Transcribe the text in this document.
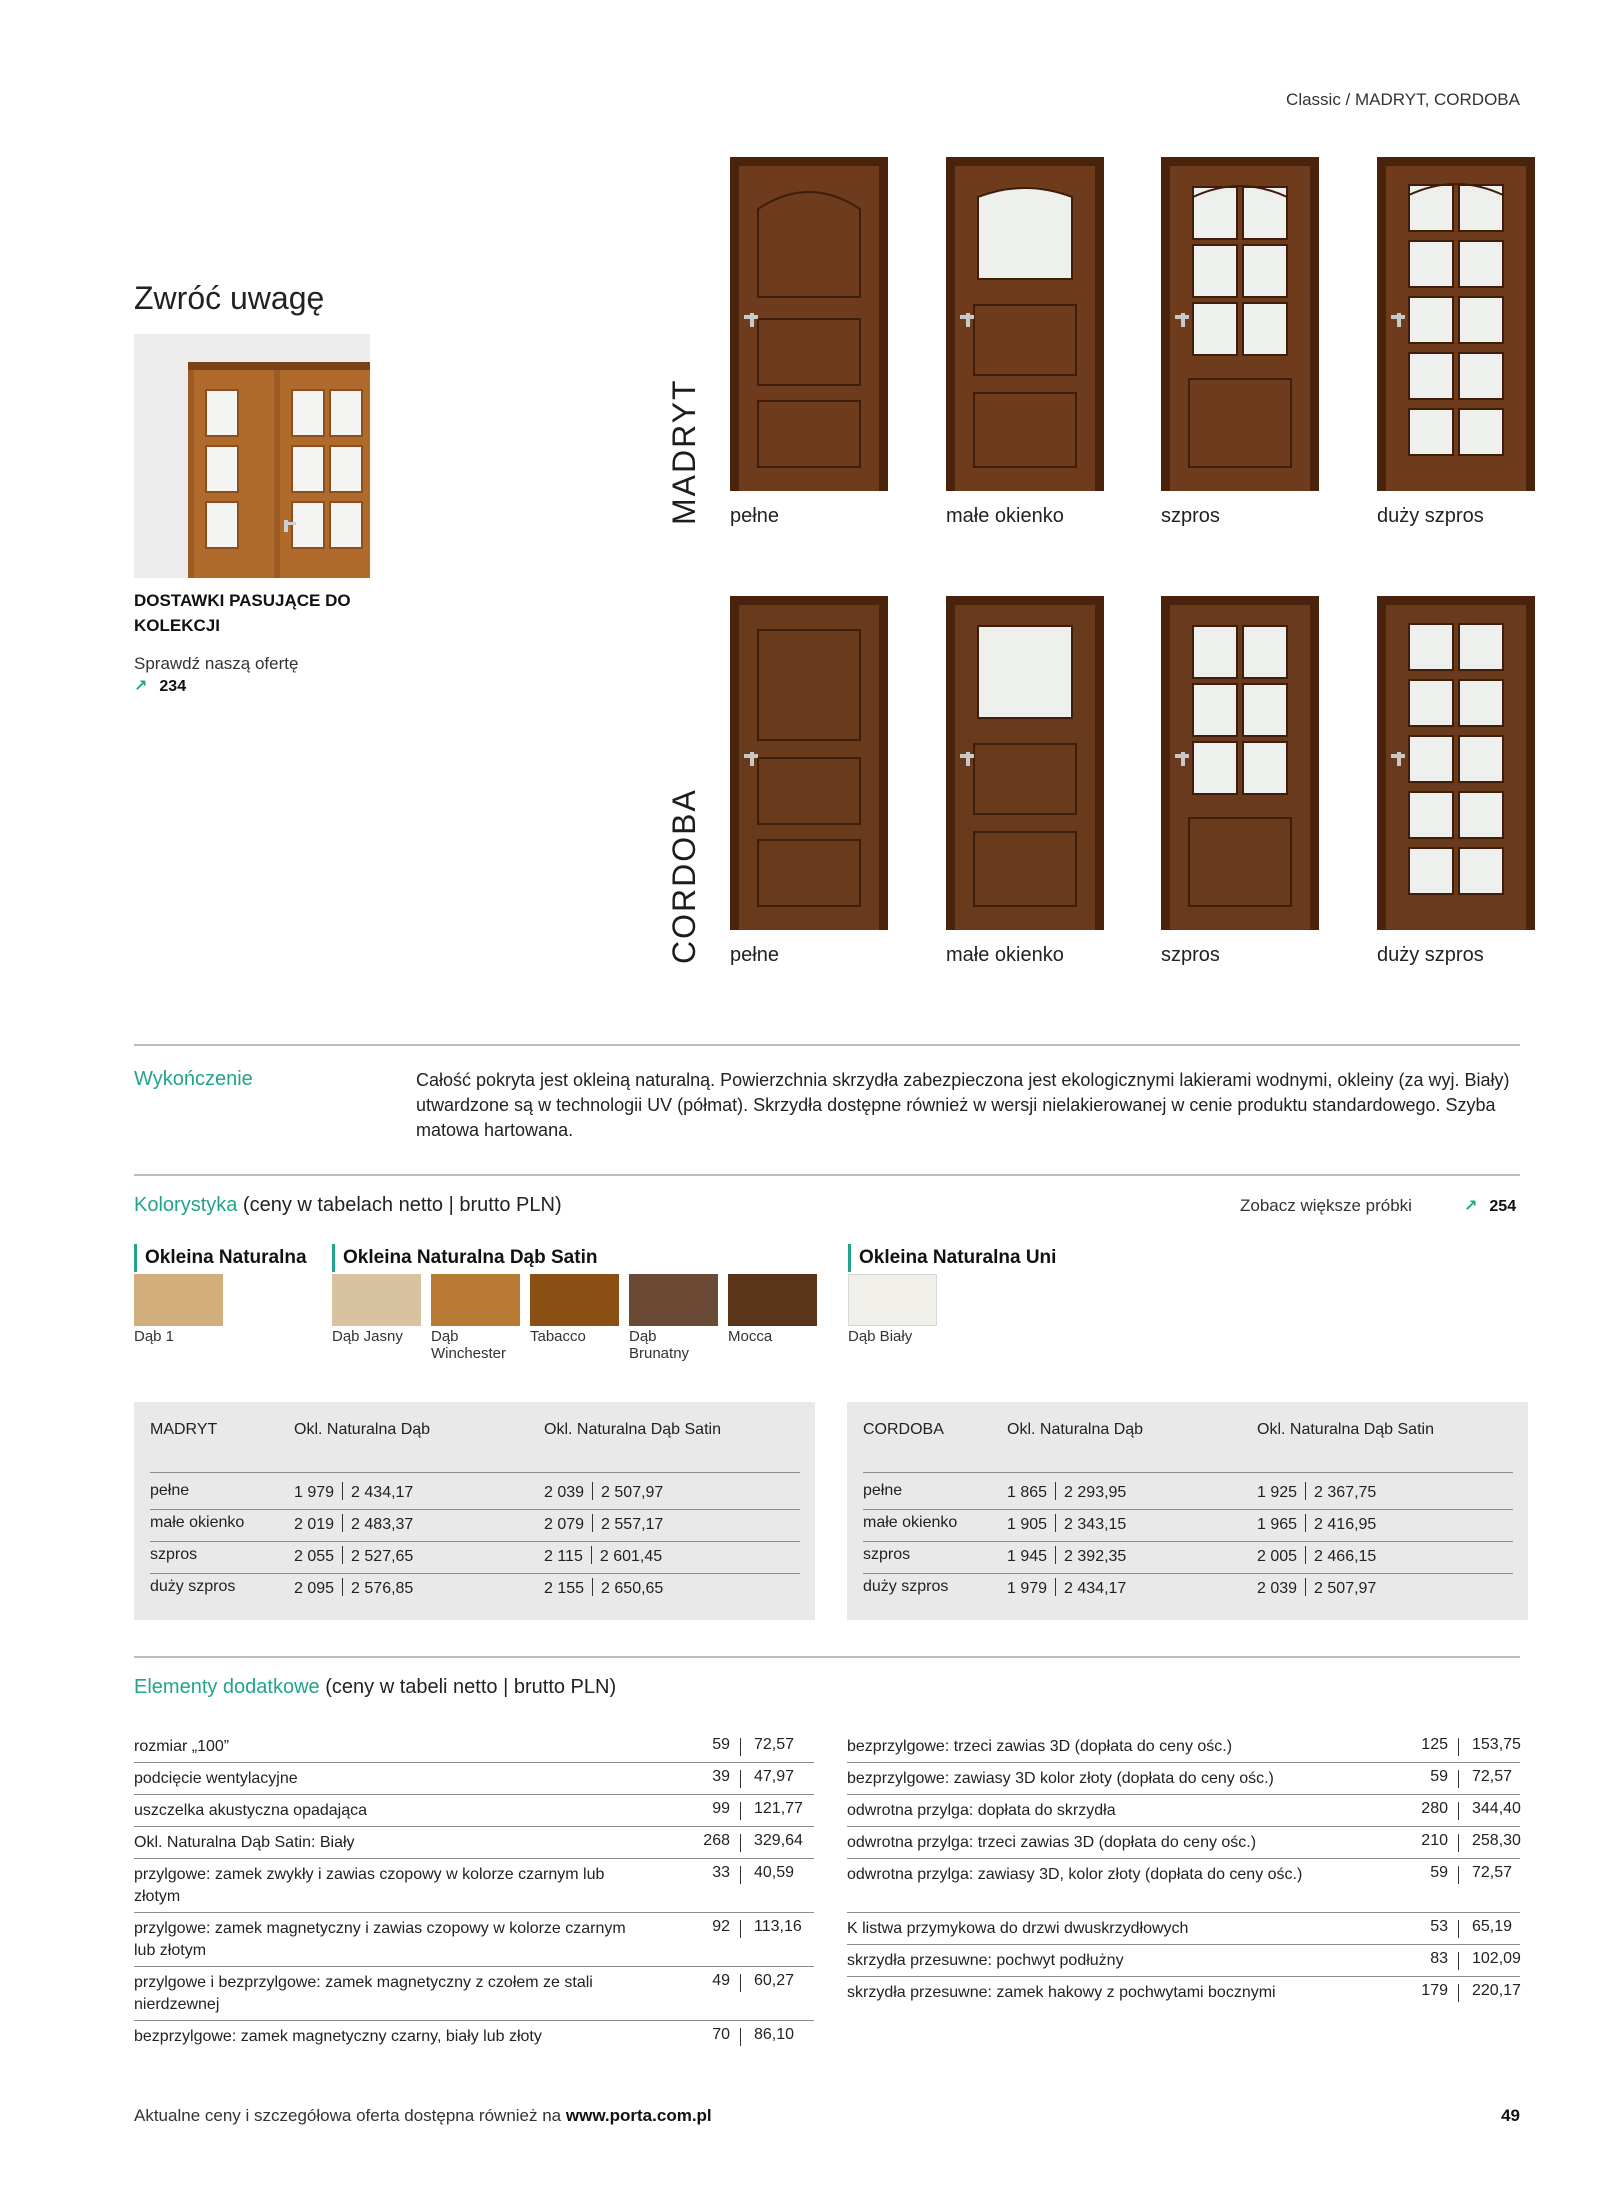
Classic / MADRYT, CORDOBA
Zwróć uwagę
DOSTAWKI PASUJĄCE DO KOLEKCJI
Sprawdź naszą ofertę
↗ 234
MADRYT pełne	małe okienko	szpros	duży szpros
CORDOBA pełne	małe okienko	szpros	duży szpros
Wykończenie	Całość pokryta jest okleiną naturalną. Powierzchnia skrzydła zabezpieczona jest ekologicznymi lakierami wodnymi, okleiny (za wyj. Biały) utwardzone są w technologii UV (półmat). Skrzydła dostępne również w wersji nielakierowanej w cenie produktu standardowego. Szyba matowa hartowana.
Kolorystyka (ceny w tabelach netto | brutto PLN)	Zobacz większe próbki	↗ 254
Okleina Naturalna
Dąb 1
Okleina Naturalna Dąb Satin
Dąb Jasny	Dąb Winchester
Tabacco	Dąb Brunatny
Mocca
Okleina Naturalna Uni
Dąb Biały
MADRYT	Okl. Naturalna Dąb	Okl. Naturalna Dąb Satin
pełne	1 979 2 434,17	2 039 2 507,97
małe okienko	2 019 2 483,37	2 079 2 557,17
szpros	2 055 2 527,65	2 115 2 601,45
duży szpros	2 095 2 576,85	2 155 2 650,65
CORDOBA	Okl. Naturalna Dąb	Okl. Naturalna Dąb Satin
pełne	1 865 2 293,95	1 925 2 367,75
małe okienko	1 905 2 343,15	1 965 2 416,95
szpros	1 945 2 392,35	2 005 2 466,15
duży szpros	1 979 2 434,17	2 039 2 507,97
Elementy dodatkowe (ceny w tabeli netto | brutto PLN)
rozmiar „100”	59 72,57
podcięcie wentylacyjne	39 47,97
uszczelka akustyczna opadająca	99 121,77
Okl. Naturalna Dąb Satin: Biały	268 329,64
przylgowe: zamek zwykły i zawias czopowy w kolorze czarnym lub złotym
33 40,59
przylgowe: zamek magnetyczny i zawias czopowy w kolorze czarnym lub złotym
92 113,16
przylgowe i bezprzylgowe: zamek magnetyczny z czołem ze stali nierdzewnej
49 60,27
bezprzylgowe: zamek magnetyczny czarny, biały lub złoty	70 86,10
bezprzylgowe: trzeci zawias 3D (dopłata do ceny ośc.)	125 153,75
bezprzylgowe: zawiasy 3D kolor złoty (dopłata do ceny ośc.)	59 72,57
odwrotna przylga: dopłata do skrzydła	280 344,40
odwrotna przylga: trzeci zawias 3D (dopłata do ceny ośc.)	210 258,30
odwrotna przylga: zawiasy 3D, kolor złoty (dopłata do ceny ośc.)	59 72,57
K listwa przymykowa do drzwi dwuskrzydłowych	53 65,19
skrzydła przesuwne: pochwyt podłużny	83 102,09
skrzydła przesuwne: zamek hakowy z pochwytami bocznymi	179 220,17
Aktualne ceny i szczegółowa oferta dostępna również na www.porta.com.pl	49
